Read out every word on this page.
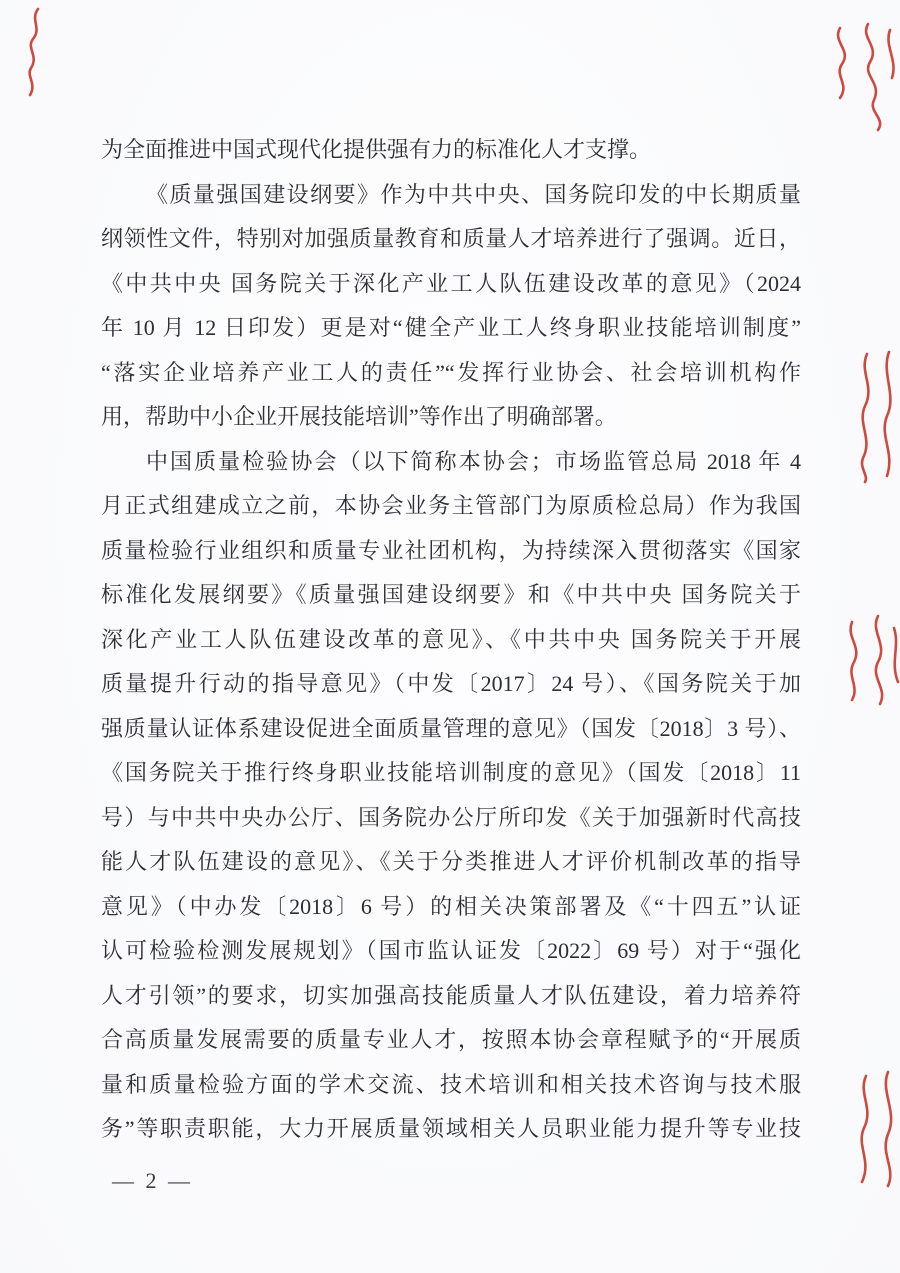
为全面推进中国式现代化提供强有力的标准化人才支撑。
《质量强国建设纲要》作为中共中央、国务院印发的中长期质量
纲领性文件，特别对加强质量教育和质量人才培养进行了强调。近日，
《中共中央 国务院关于深化产业工人队伍建设改革的意见》（2024
年 10 月 12 日印发）更是对“健全产业工人终身职业技能培训制度”
“落实企业培养产业工人的责任”“发挥行业协会、社会培训机构作
用，帮助中小企业开展技能培训”等作出了明确部署。
中国质量检验协会（以下简称本协会；市场监管总局 2018 年 4
月正式组建成立之前，本协会业务主管部门为原质检总局）作为我国
质量检验行业组织和质量专业社团机构，为持续深入贯彻落实《国家
标准化发展纲要》《质量强国建设纲要》和《中共中央 国务院关于
深化产业工人队伍建设改革的意见》、《中共中央 国务院关于开展
质量提升行动的指导意见》（中发〔2017〕24 号）、《国务院关于加
强质量认证体系建设促进全面质量管理的意见》（国发〔2018〕3 号）、
《国务院关于推行终身职业技能培训制度的意见》（国发〔2018〕11
号）与中共中央办公厅、国务院办公厅所印发《关于加强新时代高技
能人才队伍建设的意见》、《关于分类推进人才评价机制改革的指导
意见》（中办发〔2018〕6 号）的相关决策部署及《“十四五”认证
认可检验检测发展规划》（国市监认证发〔2022〕69 号）对于“强化
人才引领”的要求，切实加强高技能质量人才队伍建设，着力培养符
合高质量发展需要的质量专业人才，按照本协会章程赋予的“开展质
量和质量检验方面的学术交流、技术培训和相关技术咨询与技术服
务”等职责职能，大力开展质量领域相关人员职业能力提升等专业技
— 2 —
